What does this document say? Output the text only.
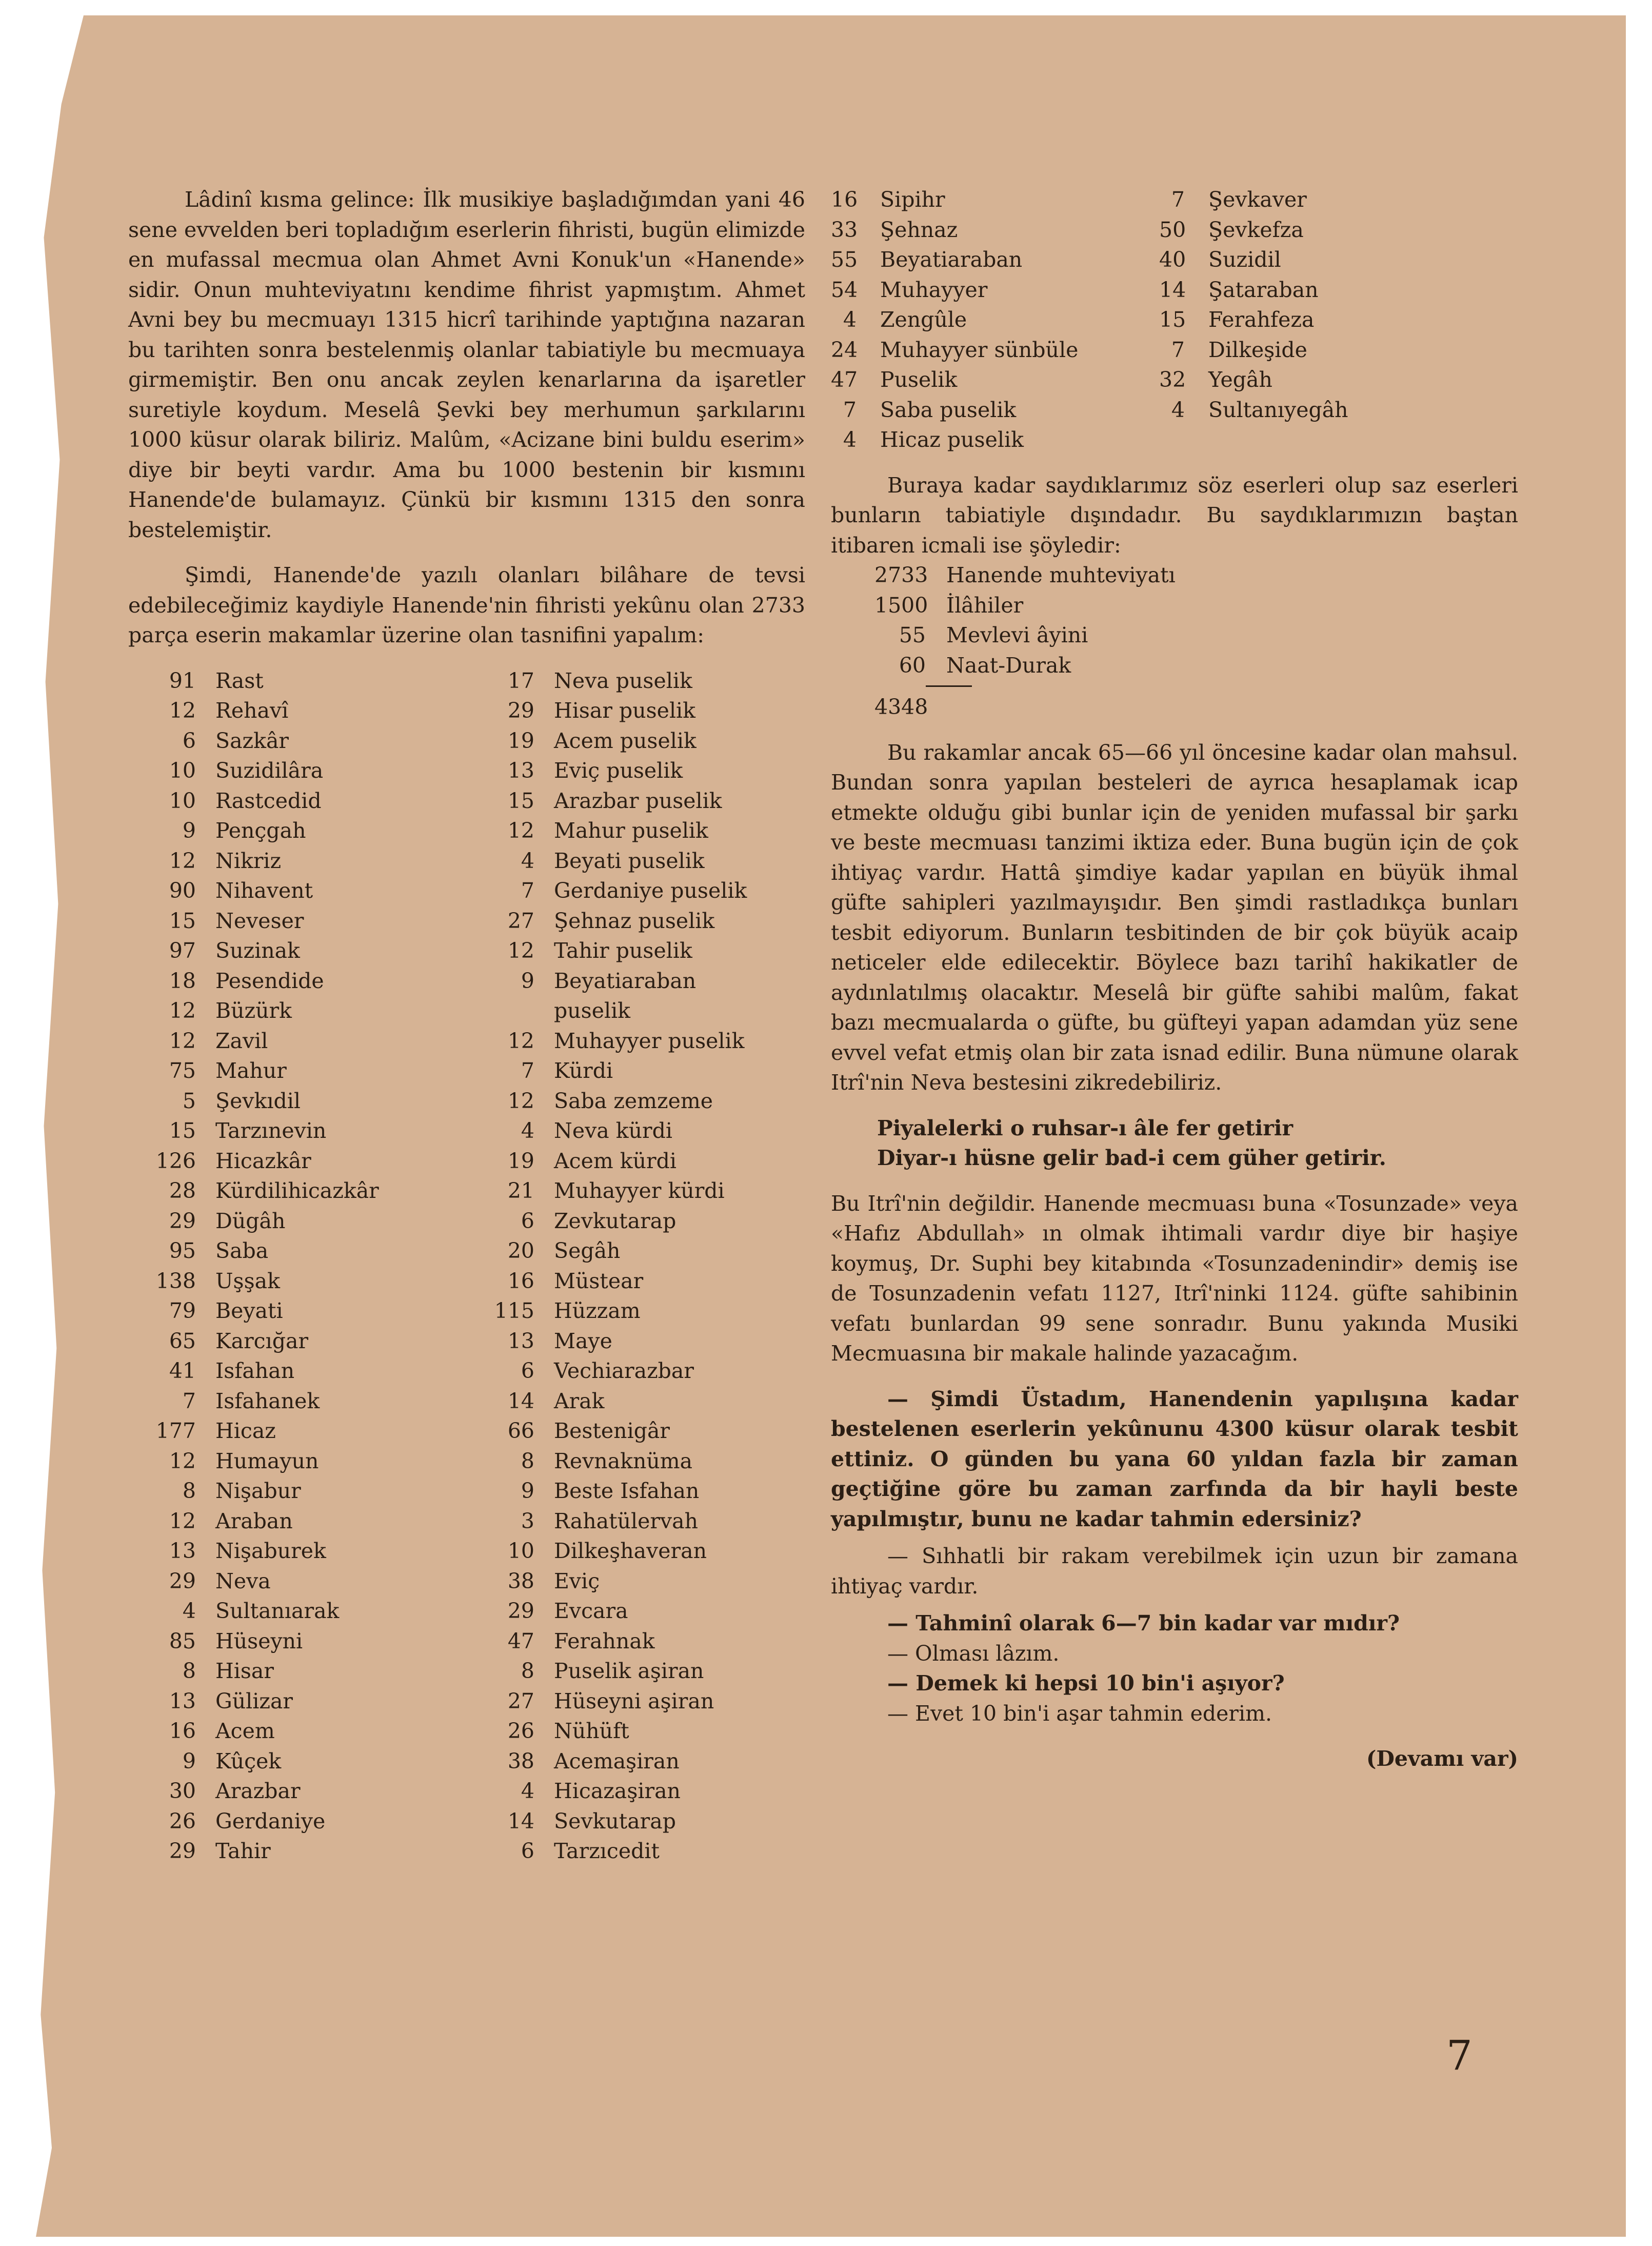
Lâdinî kısma gelince: İlk musikiye başladığımdan yani 46 sene evvelden beri topladığım eserlerin fihristi, bugün elimizde en mufassal mecmua olan Ahmet Avni Konuk'un «Hanende» sidir. Onun muhteviyatını kendime fihrist yapmıştım. Ahmet Avni bey bu mecmuayı 1315 hicrî tarihinde yaptığına nazaran bu tarihten sonra bestelenmiş olanlar tabiatiyle bu mecmuaya girmemiştir. Ben onu ancak zeylen kenarlarına da işaretler suretiyle koydum. Meselâ Şevki bey merhumun şarkılarını 1000 küsur olarak biliriz. Malûm, «Acizane bini buldu eserim» diye bir beyti vardır. Ama bu 1000 bestenin bir kısmını Hanende'de bulamayız. Çünkü bir kısmını 1315 den sonra bestelemiştir.

Şimdi, Hanende'de yazılı olanları bilâhare de tevsi edebileceğimiz kaydiyle Hanende'nin fihristi yekûnu olan 2733 parça eserin makamlar üzerine olan tasnifini yapalım:

91 Rast
12 Rehavî
6 Sazkâr
10 Suzidilâra
10 Rastcedid
9 Pençgah
12 Nikriz
90 Nihavent
15 Neveser
97 Suzinak
18 Pesendide
12 Büzürk
12 Zavil
75 Mahur
5 Şevkıdil
15 Tarzınevin
126 Hicazkâr
28 Kürdilihicazkâr
29 Dügâh
95 Saba
138 Uşşak
79 Beyati
65 Karcığar
41 Isfahan
7 Isfahanek
177 Hicaz
12 Humayun
8 Nişabur
12 Araban
13 Nişaburek
29 Neva
4 Sultanıarak
85 Hüseyni
8 Hisar
13 Gülizar
16 Acem
9 Kûçek
30 Arazbar
26 Gerdaniye
29 Tahir
17 Neva puselik
29 Hisar puselik
19 Acem puselik
13 Eviç puselik
15 Arazbar puselik
12 Mahur puselik
4 Beyati puselik
7 Gerdaniye puselik
27 Şehnaz puselik
12 Tahir puselik
9 Beyatiaraban
puselik
12 Muhayyer puselik
7 Kürdi
12 Saba zemzeme
4 Neva kürdi
19 Acem kürdi
21 Muhayyer kürdi
6 Zevkutarap
20 Segâh
16 Müstear
115 Hüzzam
13 Maye
6 Vechiarazbar
14 Arak
66 Bestenigâr
8 Revnaknüma
9 Beste Isfahan
3 Rahatülervah
10 Dilkeşhaveran
38 Eviç
29 Evcara
47 Ferahnak
8 Puselik aşiran
27 Hüseyni aşiran
26 Nühüft
38 Acemaşiran
4 Hicazaşiran
14 Sevkutarap
6 Tarzıcedit
16	Sipihr
33	Şehnaz
55	Beyatiaraban
54	Muhayyer
4	Zengûle
24	Muhayyer sünbüle
47	Puselik
7	Saba puselik
4	Hicaz puselik
7	Şevkaver
50	Şevkefza
40	Suzidil
14	Şataraban
15	Ferahfeza
7	Dilkeşide
32	Yegâh
4	Sultanıyegâh

Buraya kadar saydıklarımız söz eserleri olup saz eserleri bunların tabiatiyle dışındadır. Bu saydıklarımızın baştan itibaren icmali ise şöyledir:

2733 Hanende muhteviyatı
1500 İlâhiler
55 Mevlevi âyini
60 Naat-Durak
4348

Bu rakamlar ancak 65—66 yıl öncesine kadar olan mahsul. Bundan sonra yapılan besteleri de ayrıca hesaplamak icap etmekte olduğu gibi bunlar için de yeniden mufassal bir şarkı ve beste mecmuası tanzimi iktiza eder. Buna bugün için de çok ihtiyaç vardır. Hattâ şimdiye kadar yapılan en büyük ihmal güfte sahipleri yazılmayışıdır. Ben şimdi rastladıkça bunları tesbit ediyorum. Bunların tesbitinden de bir çok büyük acaip neticeler elde edilecektir. Böylece bazı tarihî hakikatler de aydınlatılmış olacaktır. Meselâ bir güfte sahibi malûm, fakat bazı mecmualarda o güfte, bu güfteyi yapan adamdan yüz sene evvel vefat etmiş olan bir zata isnad edilir. Buna nümune olarak Itrî'nin Neva bestesini zikredebiliriz.

Piyalelerki o ruhsar-ı âle fer getirir
Diyar-ı hüsne gelir bad-i cem güher getirir.

Bu Itrî'nin değildir. Hanende mecmuası buna «Tosunzade» veya «Hafız Abdullah» ın olmak ihtimali vardır diye bir haşiye koymuş, Dr. Suphi bey kitabında «Tosunzadenindir» demiş ise de Tosunzadenin vefatı 1127, Itrî'ninki 1124. güfte sahibinin vefatı bunlardan 99 sene sonradır. Bunu yakında Musiki Mecmuasına bir makale halinde yazacağım.

— Şimdi Üstadım, Hanendenin yapılışına kadar bestelenen eserlerin yekûnunu 4300 küsur olarak tesbit ettiniz. O günden bu yana 60 yıldan fazla bir zaman geçtiğine göre bu zaman zarfında da bir hayli beste yapılmıştır, bunu ne kadar tahmin edersiniz?

— Sıhhatli bir rakam verebilmek için uzun bir zamana ihtiyaç vardır.

— Tahminî olarak 6—7 bin kadar var mıdır?

— Olması lâzım.

— Demek ki hepsi 10 bin'i aşıyor?

— Evet 10 bin'i aşar tahmin ederim.

(Devamı var)
7
